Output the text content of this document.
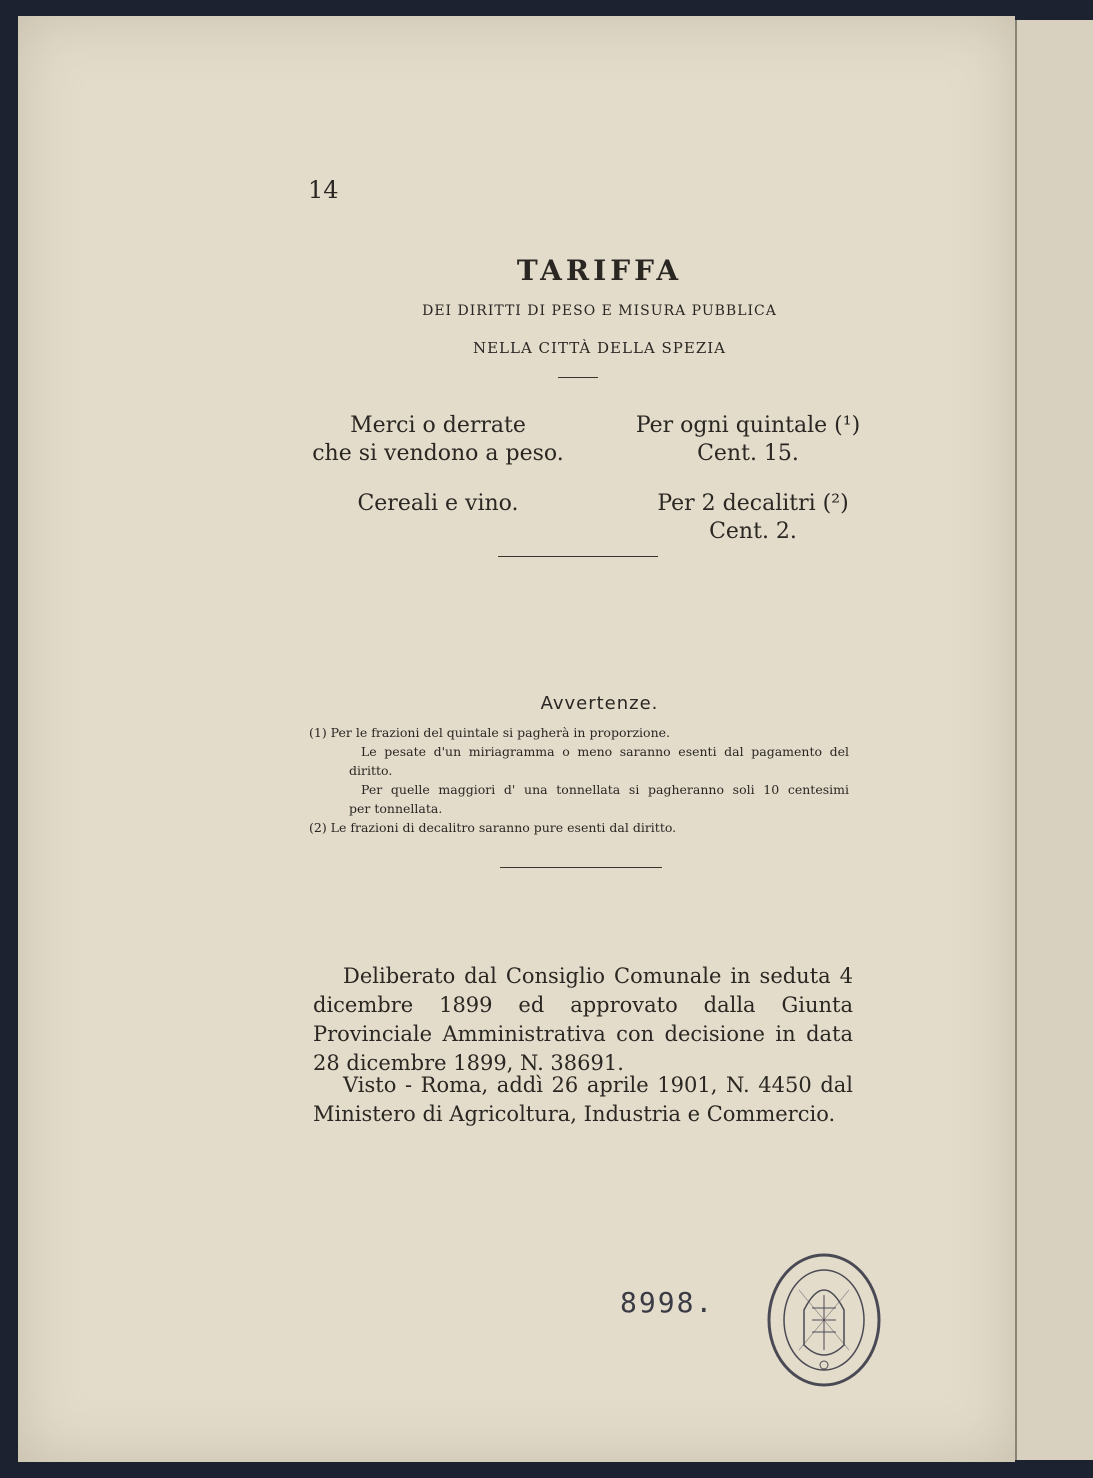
14
TARIFFA
DEI DIRITTI DI PESO E MISURA PUBBLICA
NELLA CITTÀ DELLA SPEZIA
Merci o derrate
che si vendono a peso.
Per ogni quintale (¹)
Cent. 15.
Cereali e vino.	Per 2 decalitri (²)
Cent. 2.
Avvertenze.
(1) Per le frazioni del quintale si pagherà in proporzione.
Le pesate d'un miriagramma o meno saranno esenti dal pagamento del
diritto.
Per quelle maggiori d' una tonnellata si pagheranno soli 10 centesimi
per tonnellata.
(2) Le frazioni di decalitro saranno pure esenti dal diritto.
Deliberato dal Consiglio Comunale in seduta 4 dicembre 1899 ed approvato dalla Giunta Provinciale Amministrativa con decisione in data 28 dicembre 1899, N. 38691.
Visto - Roma, addì 26 aprile 1901, N. 4450 dal Ministero di Agricoltura, Industria e Commercio.
8998.
